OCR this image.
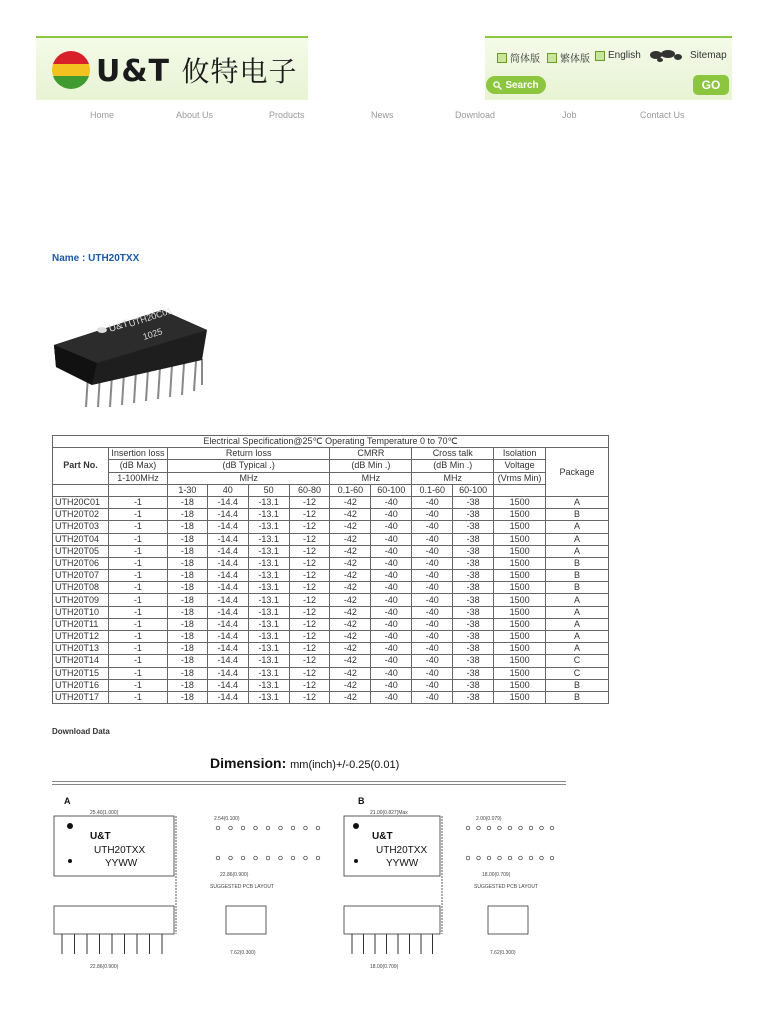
U&T 攸特电子	简体版 繁体版 English	Sitemap
Search	GO
Home	About Us	Products	News	Download	Job	Contact Us
Name : UTH20TXX
U&T
UTH20C01
1025
Electrical Specification@25℃ Operating Temperature 0 to 70℃											
Part No.	Insertion loss	Return loss				CMRR		Cross talk		Isolation	Package
	(dB Max)	(dB Typical .)				(dB Min .)		(dB Min .)		Voltage	
	1-100MHz	MHz				MHz		MHz		(Vrms Min)	
		1-30	40	50	60-80	0.1-60	60-100	0.1-60	60-100		
UTH20C01	-1	-18	-14.4	-13.1	-12	-42	-40	-40	-38	1500	A
UTH20T02	-1	-18	-14.4	-13.1	-12	-42	-40	-40	-38	1500	B
UTH20T03	-1	-18	-14.4	-13.1	-12	-42	-40	-40	-38	1500	A
UTH20T04	-1	-18	-14.4	-13.1	-12	-42	-40	-40	-38	1500	A
UTH20T05	-1	-18	-14.4	-13.1	-12	-42	-40	-40	-38	1500	A
UTH20T06	-1	-18	-14.4	-13.1	-12	-42	-40	-40	-38	1500	B
UTH20T07	-1	-18	-14.4	-13.1	-12	-42	-40	-40	-38	1500	B
UTH20T08	-1	-18	-14.4	-13.1	-12	-42	-40	-40	-38	1500	B
UTH20T09	-1	-18	-14.4	-13.1	-12	-42	-40	-40	-38	1500	A
UTH20T10	-1	-18	-14.4	-13.1	-12	-42	-40	-40	-38	1500	A
UTH20T11	-1	-18	-14.4	-13.1	-12	-42	-40	-40	-38	1500	A
UTH20T12	-1	-18	-14.4	-13.1	-12	-42	-40	-40	-38	1500	A
UTH20T13	-1	-18	-14.4	-13.1	-12	-42	-40	-40	-38	1500	A
UTH20T14	-1	-18	-14.4	-13.1	-12	-42	-40	-40	-38	1500	C
UTH20T15	-1	-18	-14.4	-13.1	-12	-42	-40	-40	-38	1500	C
UTH20T16	-1	-18	-14.4	-13.1	-12	-42	-40	-40	-38	1500	B
UTH20T17	-1	-18	-14.4	-13.1	-12	-42	-40	-40	-38	1500	B
Download Data
Dimension: mm(inch)+/-0.25(0.01)
A	B
U&T
UTH20TXX
YYWW
25.40(1.000)
SUGGESTED PCB LAYOUT
2.54(0.100)
22.86(0.900)
22.86(0.900)
7.62(0.300)
U&T
UTH20TXX
YYWW
21.00(0.827)Max
SUGGESTED PCB LAYOUT
2.00(0.079)
18.00(0.709)
18.00(0.709)
7.62(0.300)
